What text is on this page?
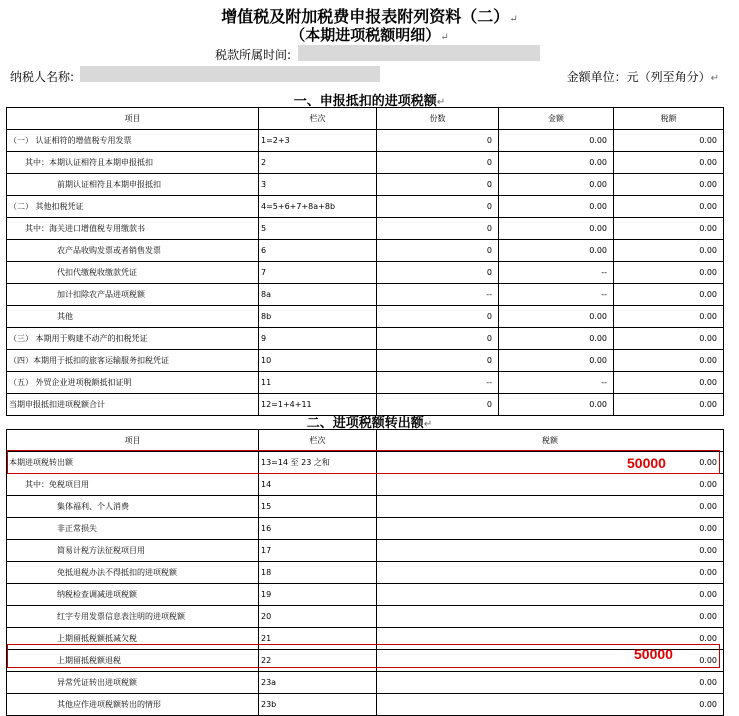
增值税及附加税费申报表附列资料（二）↵
（本期进项税额明细）↵
税款所属时间:
纳税人名称:	金额单位：元（列至角分）↵
一、申报抵扣的进项税额↵
项目	栏次	份数	金额	税额
（一） 认证相符的增值税专用发票	1=2+3	0	0.00	0.00
其中：本期认证相符且本期申报抵扣	2	0	0.00	0.00
前期认证相符且本期申报抵扣	3	0	0.00	0.00
（二） 其他扣税凭证	4=5+6+7+8a+8b	0	0.00	0.00
其中：海关进口增值税专用缴款书	5	0	0.00	0.00
农产品收购发票或者销售发票	6	0	0.00	0.00
代扣代缴税收缴款凭证	7	0	--	0.00
加计扣除农产品进项税额	8a	--	--	0.00
其他	8b	0	0.00	0.00
（三） 本期用于购建不动产的扣税凭证	9	0	0.00	0.00
（四）本期用于抵扣的旅客运输服务扣税凭证	10	0	0.00	0.00
（五） 外贸企业进项税额抵扣证明	11	--	--	0.00
当期申报抵扣进项税额合计	12=1+4+11	0	0.00	0.00
二、进项税额转出额↵
项目	栏次	税额
本期进项税转出额	13=14 至 23 之和	0.00
其中：免税项目用	14	0.00
集体福利、个人消费	15	0.00
非正常损失	16	0.00
简易计税方法征税项目用	17	0.00
免抵退税办法不得抵扣的进项税额	18	0.00
纳税检查调减进项税额	19	0.00
红字专用发票信息表注明的进项税额	20	0.00
上期留抵税额抵减欠税	21	0.00
上期留抵税额退税	22	0.00
异常凭证转出进项税额	23a	0.00
其他应作进项税额转出的情形	23b	0.00
50000
50000
